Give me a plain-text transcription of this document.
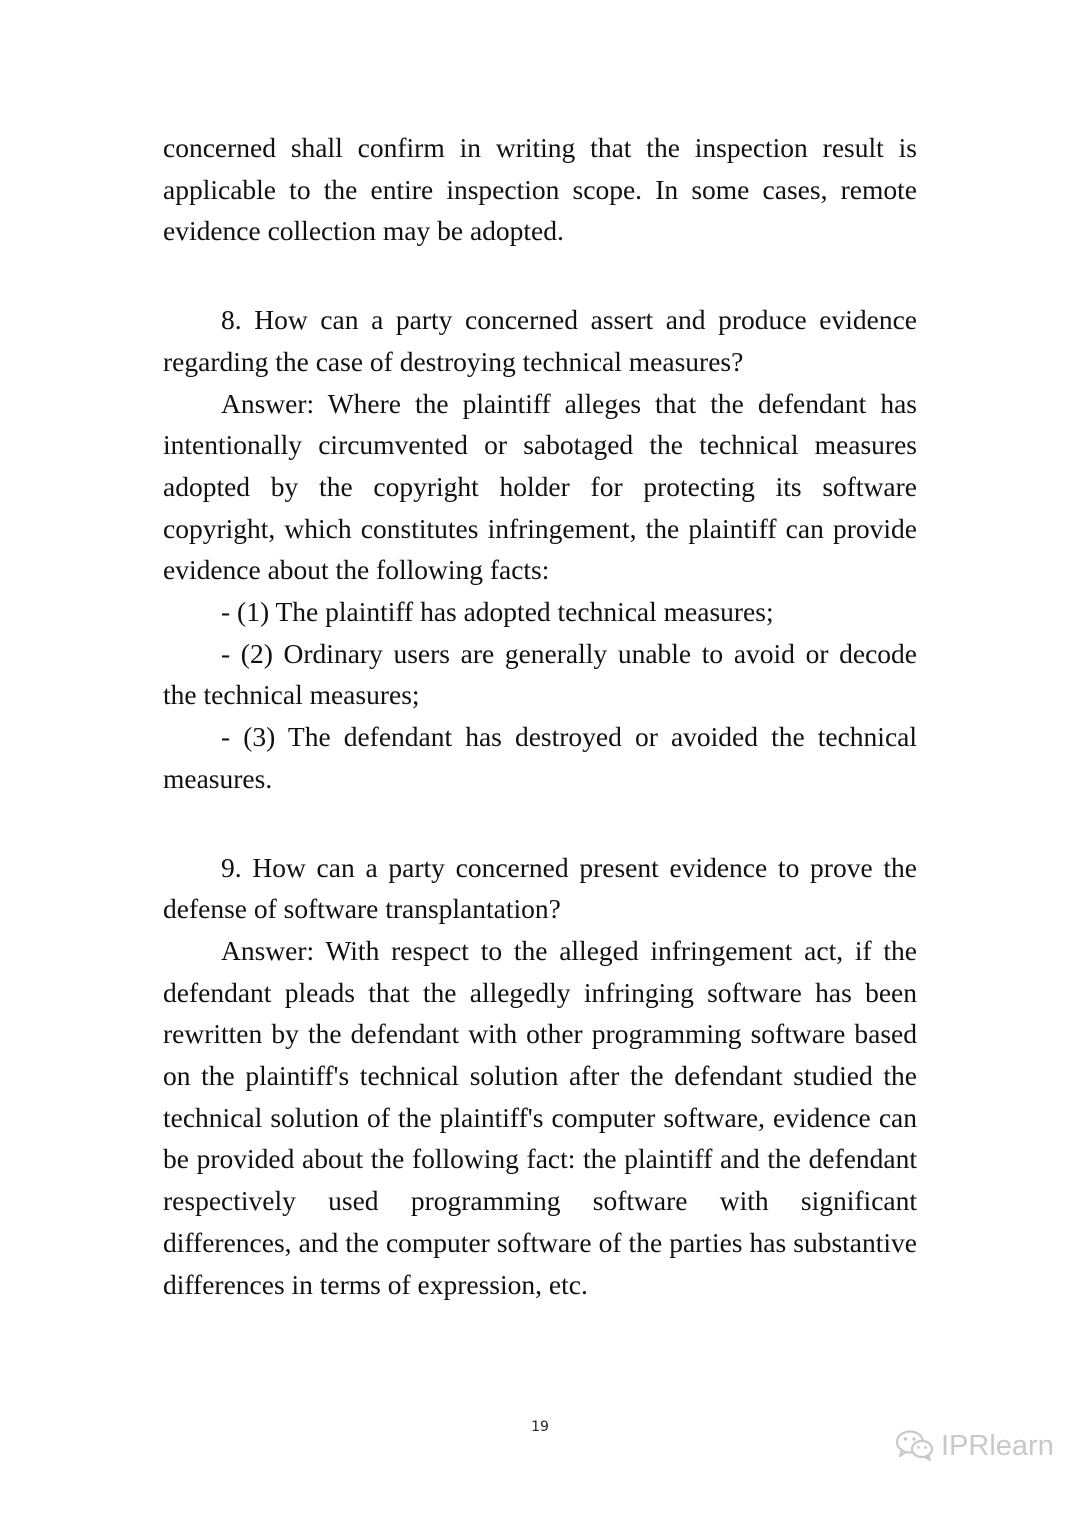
concerned shall confirm in writing that the inspection result is applicable to the entire inspection scope. In some cases, remote evidence collection may be adopted.

8. How can a party concerned assert and produce evidence regarding the case of destroying technical measures?

Answer: Where the plaintiff alleges that the defendant has intentionally circumvented or sabotaged the technical measures adopted by the copyright holder for protecting its software copyright, which constitutes infringement, the plaintiff can provide evidence about the following facts:

- (1) The plaintiff has adopted technical measures;

- (2) Ordinary users are generally unable to avoid or decode the technical measures;

- (3) The defendant has destroyed or avoided the technical measures.

9. How can a party concerned present evidence to prove the defense of software transplantation?

Answer: With respect to the alleged infringement act, if the defendant pleads that the allegedly infringing software has been rewritten by the defendant with other programming software based on the plaintiff's technical solution after the defendant studied the technical solution of the plaintiff's computer software, evidence can be provided about the following fact: the plaintiff and the defendant respectively used programming software with significant differences, and the computer software of the parties has substantive differences in terms of expression, etc.

19
IPRlearn
